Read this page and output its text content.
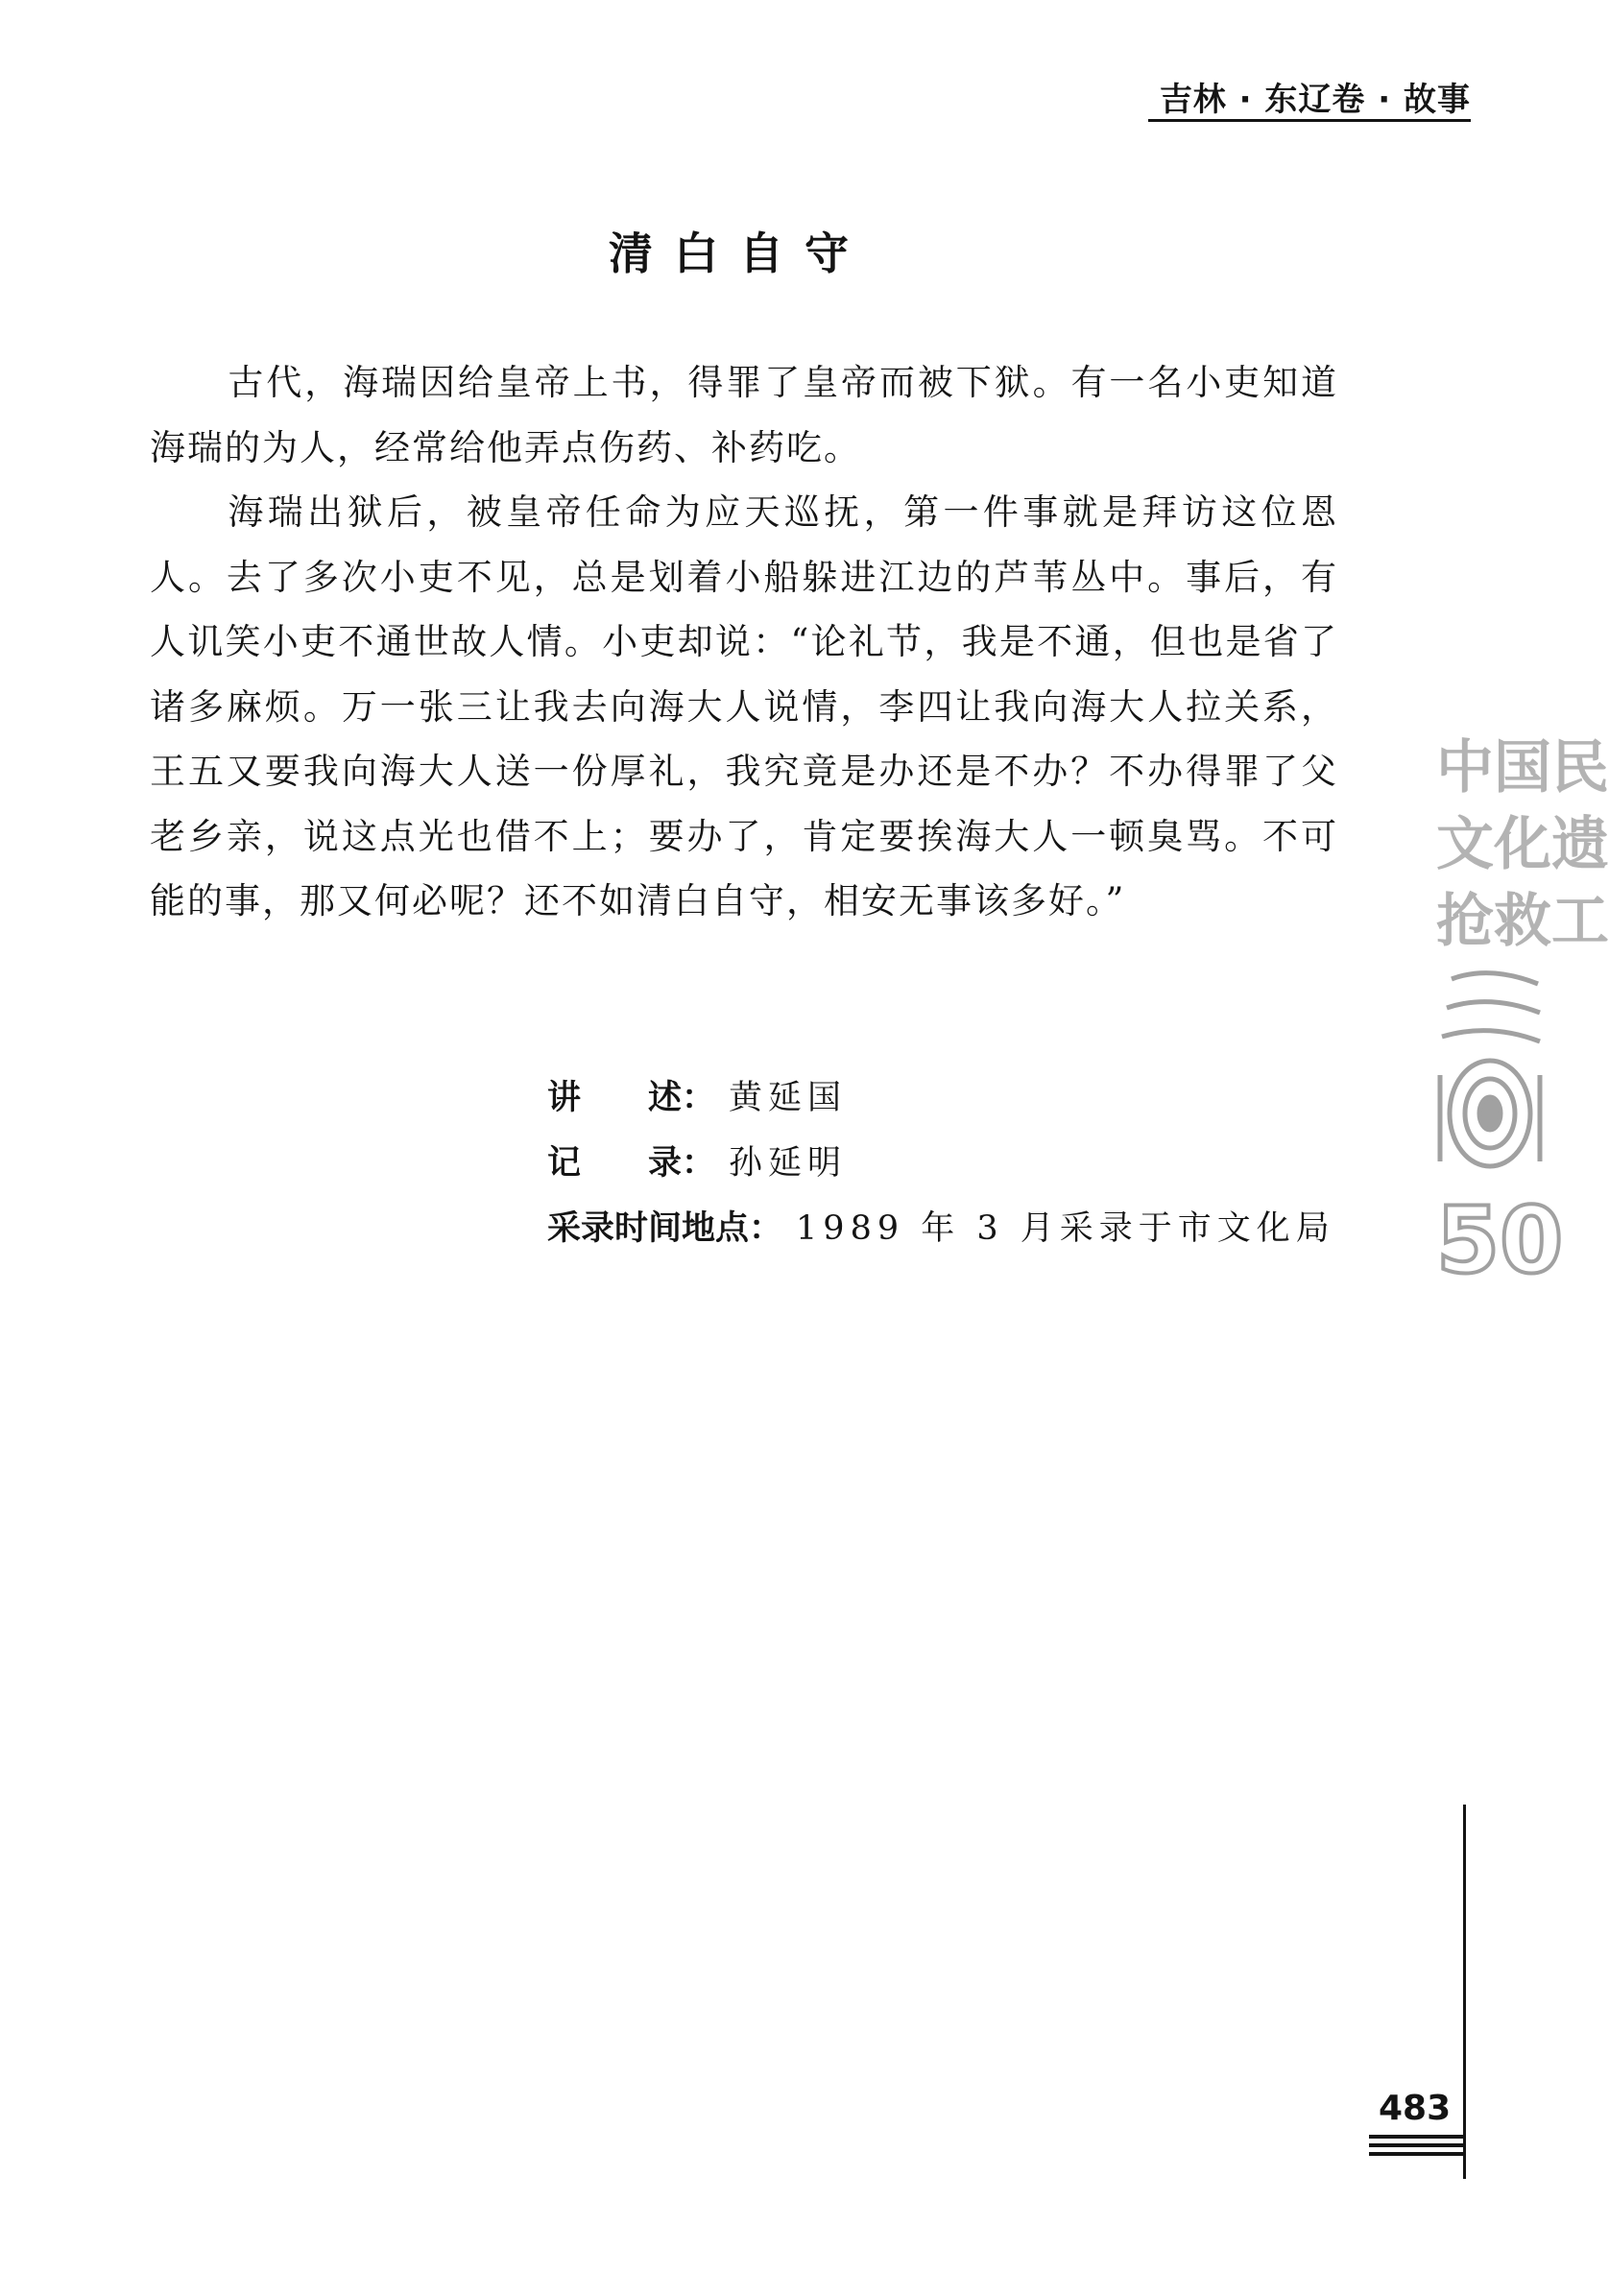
吉林 · 东辽卷 · 故事
清白自守

古代，海瑞因给皇帝上书，得罪了皇帝而被下狱。有一名小吏知道海瑞的为人，经常给他弄点伤药、补药吃。

海瑞出狱后，被皇帝任命为应天巡抚，第一件事就是拜访这位恩人。去了多次小吏不见，总是划着小船躲进江边的芦苇丛中。事后，有人讥笑小吏不通世故人情。小吏却说：“论礼节，我是不通，但也是省了诸多麻烦。万一张三让我去向海大人说情，李四让我向海大人拉关系，王五又要我向海大人送一份厚礼，我究竟是办还是不办？不办得罪了父老乡亲，说这点光也借不上；要办了，肯定要挨海大人一顿臭骂。不可能的事，那又何必呢？还不如清白自守，相安无事该多好。”

讲　　述 ： 黄延国
记　　录 ： 孙延明
采录时间地点 ： 1989 年 3 月采录于市文化局
中国民
文化遗
抢救工
50
483
